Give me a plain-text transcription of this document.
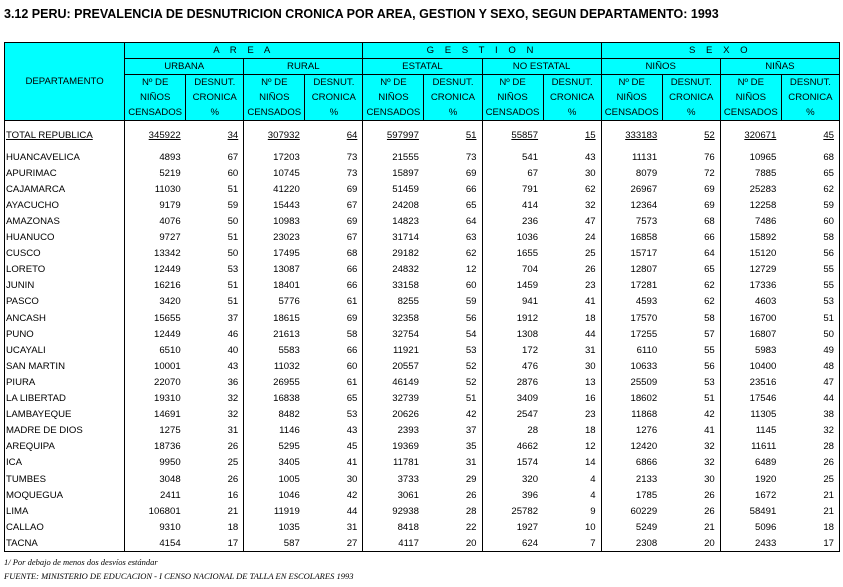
3.12 PERU: PREVALENCIA DE DESNUTRICION CRONICA POR AREA, GESTION Y SEXO, SEGUN DEPARTAMENTO: 1993
DEPARTAMENTO	A R E A				G E S T I O N				S E X O			
	URBANA		RURAL		ESTATAL		NO ESTATAL		NIÑOS		NIÑAS	
	Nº DE	DESNUT.	Nº DE	DESNUT.	Nº DE	DESNUT.	Nº DE	DESNUT.	Nº DE	DESNUT.	Nº DE	DESNUT.
	NIÑOS	CRONICA	NIÑOS	CRONICA	NIÑOS	CRONICA	NIÑOS	CRONICA	NIÑOS	CRONICA	NIÑOS	CRONICA
	CENSADOS	%	CENSADOS	%	CENSADOS	%	CENSADOS	%	CENSADOS	%	CENSADOS	%

TOTAL REPUBLICA	345922	34	307932	64	597997	51	55857	15	333183	52	320671	45

HUANCAVELICA	4893	67	17203	73	21555	73	541	43	11131	76	10965	68
APURIMAC	5219	60	10745	73	15897	69	67	30	8079	72	7885	65
CAJAMARCA	11030	51	41220	69	51459	66	791	62	26967	69	25283	62
AYACUCHO	9179	59	15443	67	24208	65	414	32	12364	69	12258	59
AMAZONAS	4076	50	10983	69	14823	64	236	47	7573	68	7486	60
HUANUCO	9727	51	23023	67	31714	63	1036	24	16858	66	15892	58
CUSCO	13342	50	17495	68	29182	62	1655	25	15717	64	15120	56
LORETO	12449	53	13087	66	24832	12	704	26	12807	65	12729	55
JUNIN	16216	51	18401	66	33158	60	1459	23	17281	62	17336	55
PASCO	3420	51	5776	61	8255	59	941	41	4593	62	4603	53
ANCASH	15655	37	18615	69	32358	56	1912	18	17570	58	16700	51
PUNO	12449	46	21613	58	32754	54	1308	44	17255	57	16807	50
UCAYALI	6510	40	5583	66	11921	53	172	31	6110	55	5983	49
SAN MARTIN	10001	43	11032	60	20557	52	476	30	10633	56	10400	48
PIURA	22070	36	26955	61	46149	52	2876	13	25509	53	23516	47
LA LIBERTAD	19310	32	16838	65	32739	51	3409	16	18602	51	17546	44
LAMBAYEQUE	14691	32	8482	53	20626	42	2547	23	11868	42	11305	38
MADRE DE DIOS	1275	31	1146	43	2393	37	28	18	1276	41	1145	32
AREQUIPA	18736	26	5295	45	19369	35	4662	12	12420	32	11611	28
ICA	9950	25	3405	41	11781	31	1574	14	6866	32	6489	26
TUMBES	3048	26	1005	30	3733	29	320	4	2133	30	1920	25
MOQUEGUA	2411	16	1046	42	3061	26	396	4	1785	26	1672	21
LIMA	106801	21	11919	44	92938	28	25782	9	60229	26	58491	21
CALLAO	9310	18	1035	31	8418	22	1927	10	5249	21	5096	18
TACNA	4154	17	587	27	4117	20	624	7	2308	20	2433	17
1/ Por debajo de menos dos desvíos estándar
FUENTE: MINISTERIO DE EDUCACION - I CENSO NACIONAL DE TALLA EN ESCOLARES 1993
